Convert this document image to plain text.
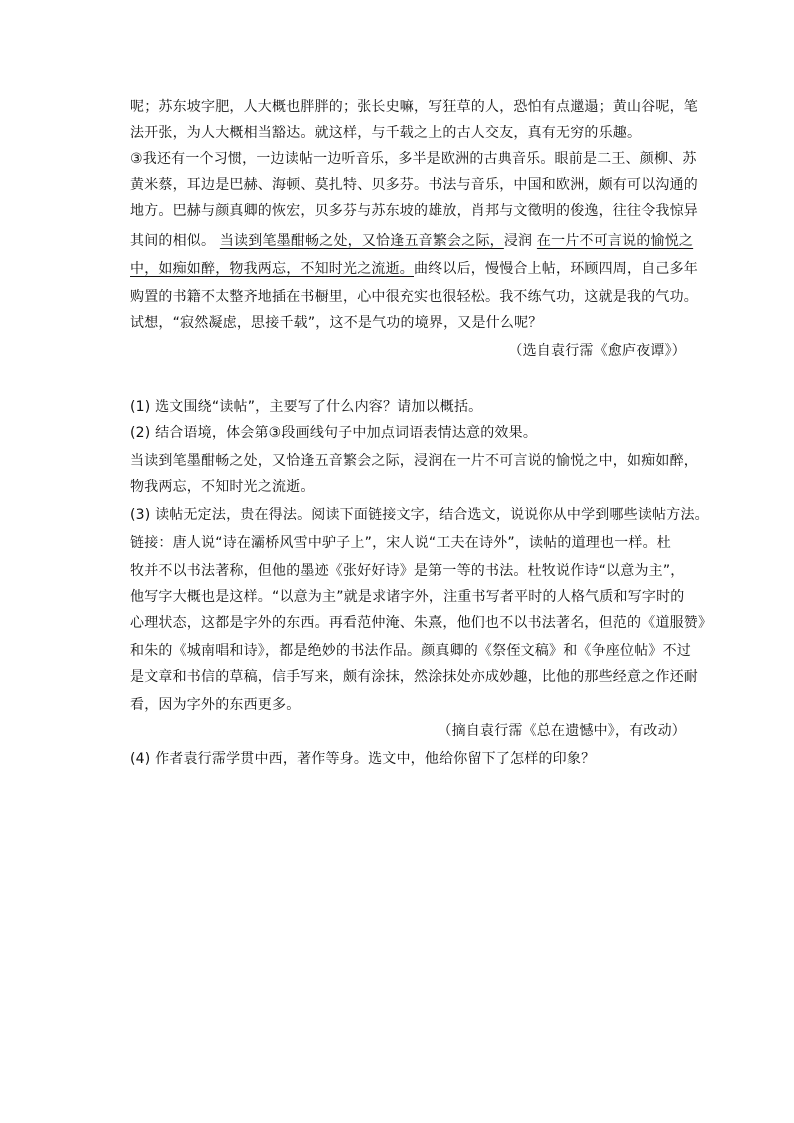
呢；苏东坡字肥，人大概也胖胖的；张长史嘛，写狂草的人，恐怕有点邋遢；黄山谷呢，笔
法开张，为人大概相当豁达。就这样，与千载之上的古人交友，真有无穷的乐趣。
③我还有一个习惯，一边读帖一边听音乐，多半是欧洲的古典音乐。眼前是二王、颜柳、苏
黄米蔡，耳边是巴赫、海顿、莫扎特、贝多芬。书法与音乐，中国和欧洲，颇有可以沟通的
地方。巴赫与颜真卿的恢宏，贝多芬与苏东坡的雄放，肖邦与文徵明的俊逸，往往令我惊异
其间的相似。 当读到笔墨酣畅之处，又恰逢五音繁会之际，浸润 在一片不可言说的愉悦之
中，如痴如醉，物我两忘，不知时光之流逝。曲终以后，慢慢合上帖，环顾四周，自己多年
购置的书籍不太整齐地插在书橱里，心中很充实也很轻松。我不练气功，这就是我的气功。
试想，“寂然凝虑，思接千载”，这不是气功的境界，又是什么呢？
（选自袁行霈《愈庐夜谭》）
(1) 选文围绕“读帖”，主要写了什么内容？请加以概括。
(2) 结合语境，体会第③段画线句子中加点词语表情达意的效果。
当读到笔墨酣畅之处，又恰逢五音繁会之际，浸润在一片不可言说的愉悦之中，如痴如醉，
物我两忘，不知时光之流逝。
(3) 读帖无定法，贵在得法。阅读下面链接文字，结合选文，说说你从中学到哪些读帖方法。
链接：唐人说“诗在灞桥风雪中驴子上”，宋人说“工夫在诗外”，读帖的道理也一样。杜
牧并不以书法著称，但他的墨迹《张好好诗》是第一等的书法。杜牧说作诗“以意为主”，
他写字大概也是这样。“以意为主”就是求诸字外，注重书写者平时的人格气质和写字时的
心理状态，这都是字外的东西。再看范仲淹、朱熹，他们也不以书法著名，但范的《道服赞》
和朱的《城南唱和诗》，都是绝妙的书法作品。颜真卿的《祭侄文稿》和《争座位帖》不过
是文章和书信的草稿，信手写来，颇有涂抹，然涂抹处亦成妙趣，比他的那些经意之作还耐
看，因为字外的东西更多。
（摘自袁行霈《总在遗憾中》，有改动）
(4) 作者袁行霈学贯中西，著作等身。选文中，他给你留下了怎样的印象？
